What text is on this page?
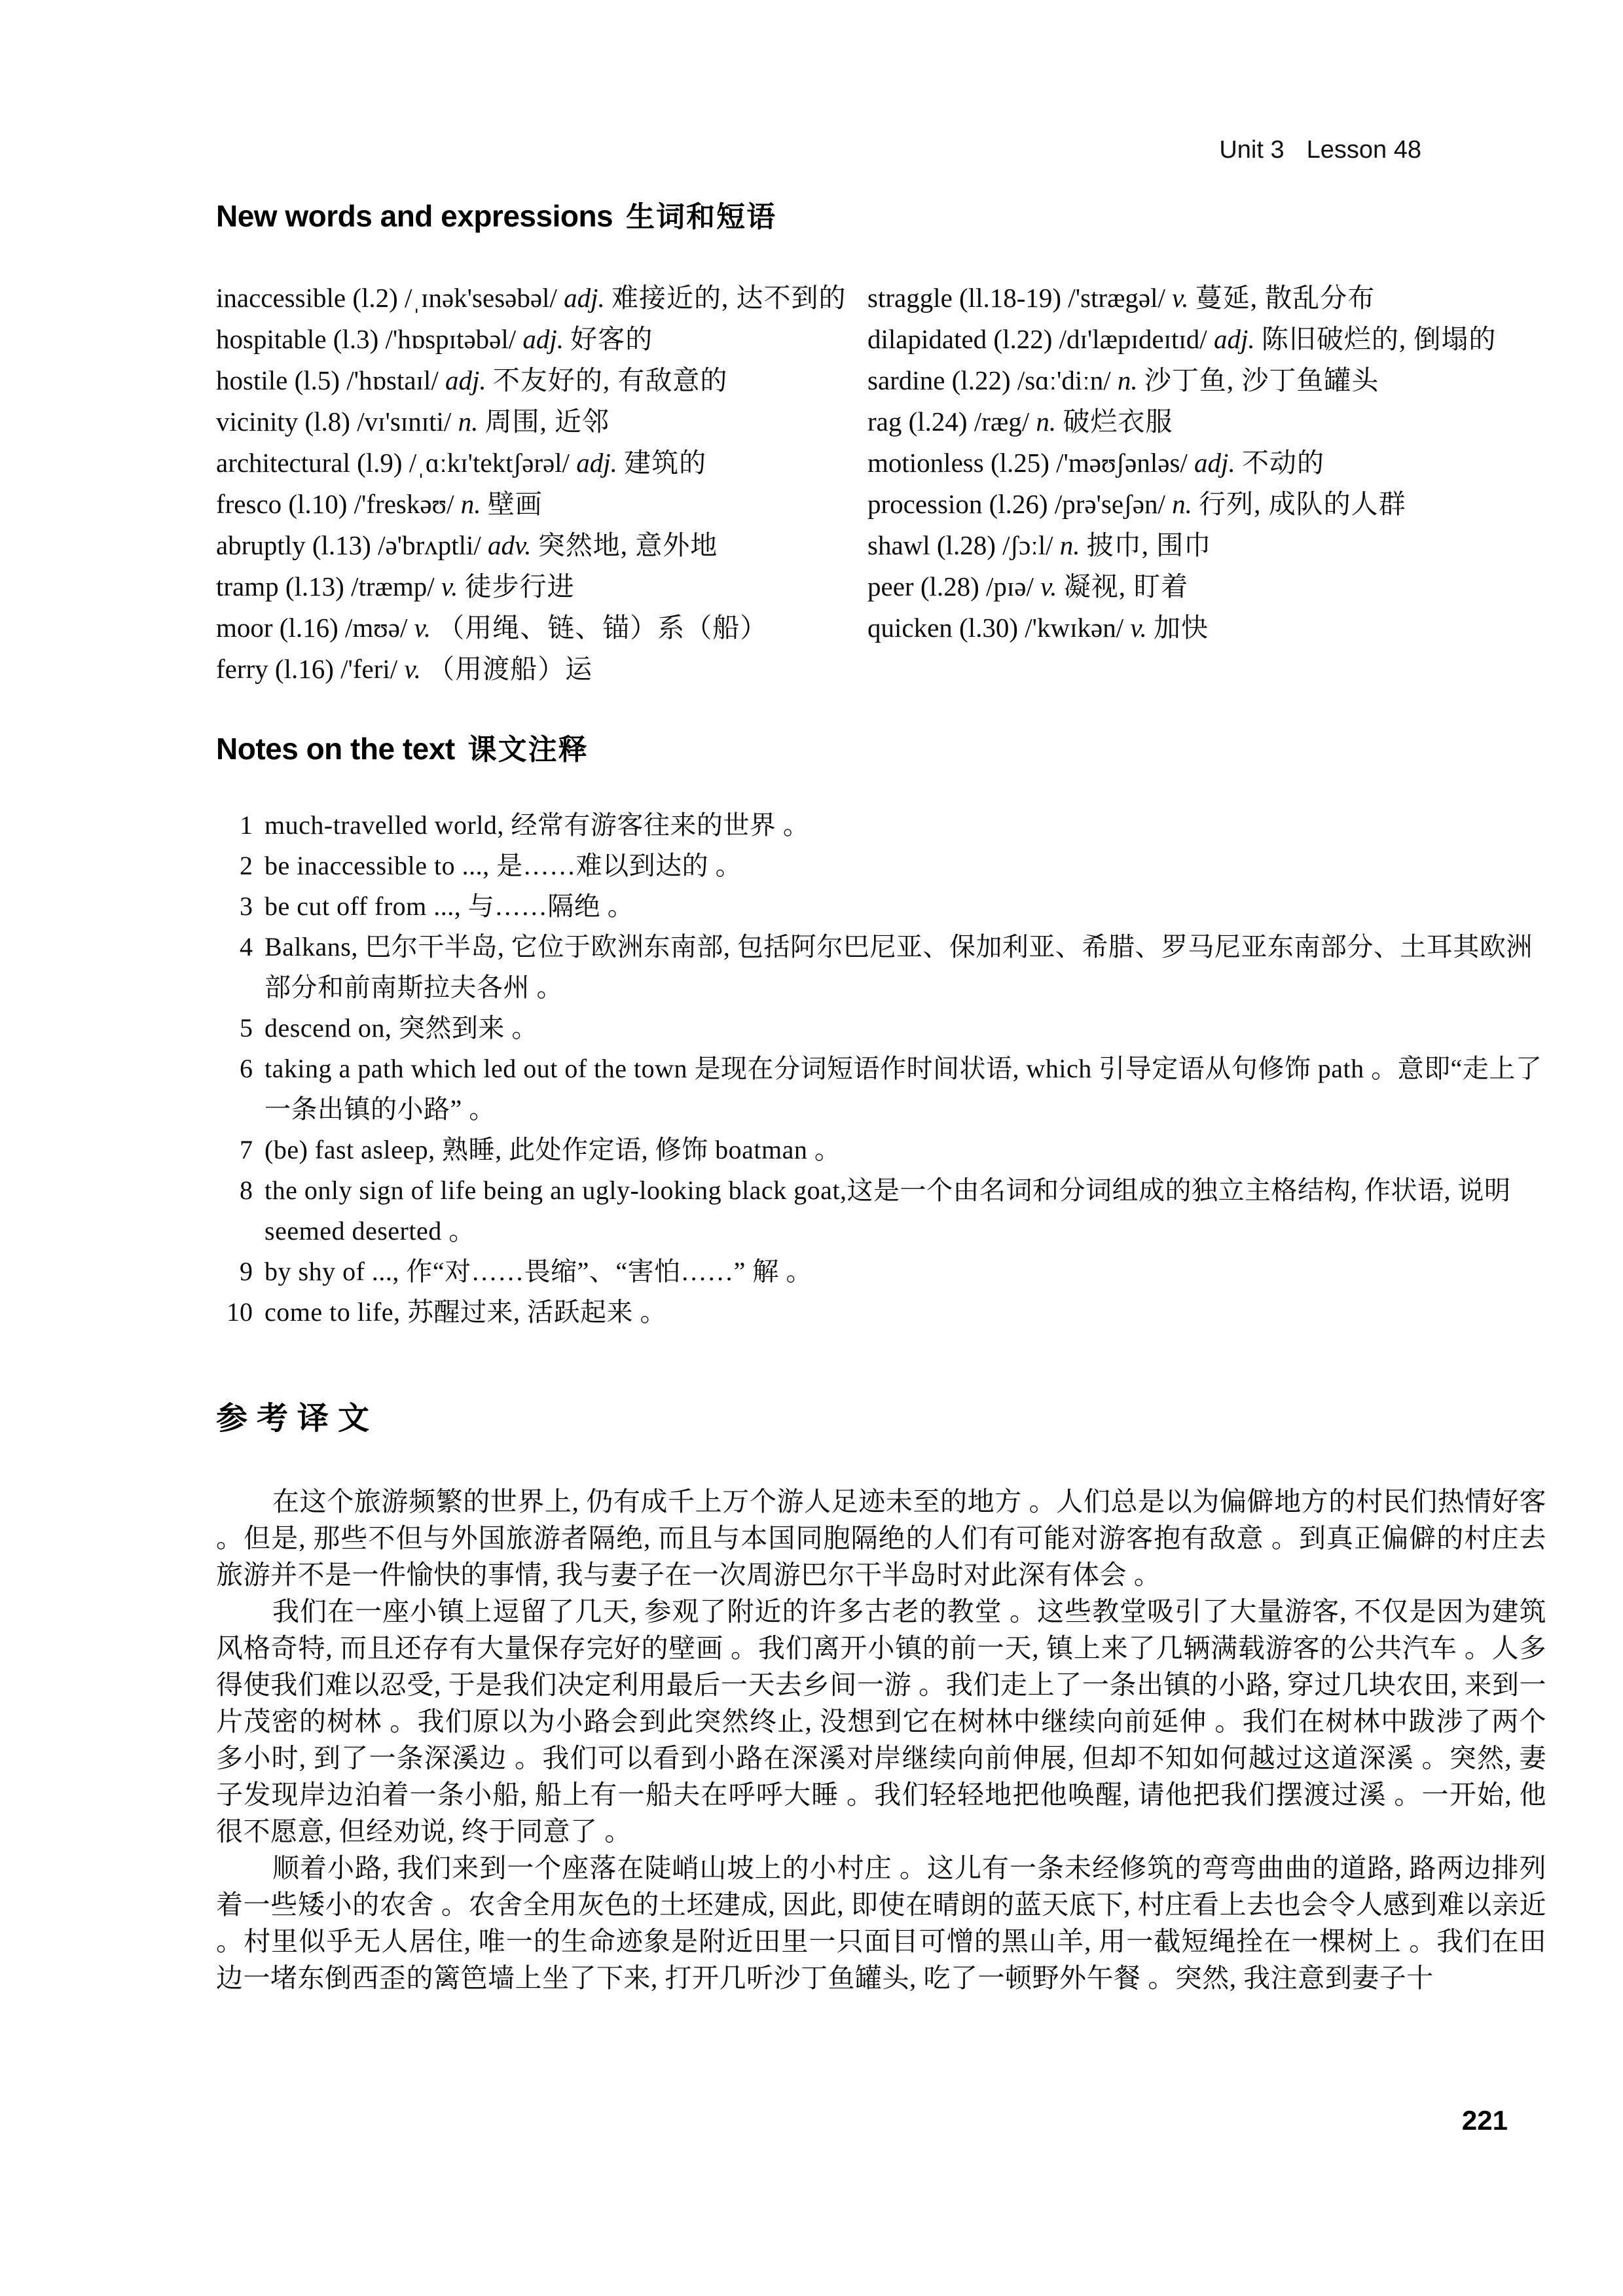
Unit 3 Lesson 48
New words and expressions 生词和短语
inaccessible (l.2) /ˌɪnək'sesəbəl/ adj. 难接近的, 达不到的
hospitable (l.3) /'hɒspɪtəbəl/ adj. 好客的
hostile (l.5) /'hɒstaɪl/ adj. 不友好的, 有敌意的
vicinity (l.8) /vɪ'sɪnɪti/ n. 周围, 近邻
architectural (l.9) /ˌɑːkɪ'tektʃərəl/ adj. 建筑的
fresco (l.10) /'freskəʊ/ n. 壁画
abruptly (l.13) /ə'brʌptli/ adv. 突然地, 意外地
tramp (l.13) /træmp/ v. 徒步行进
moor (l.16) /mʊə/ v. （用绳、链、锚）系（船）
ferry (l.16) /'feri/ v. （用渡船）运
straggle (ll.18-19) /'strægəl/ v. 蔓延, 散乱分布
dilapidated (l.22) /dɪ'læpɪdeɪtɪd/ adj. 陈旧破烂的, 倒塌的
sardine (l.22) /sɑː'diːn/ n. 沙丁鱼, 沙丁鱼罐头
rag (l.24) /ræg/ n. 破烂衣服
motionless (l.25) /'məʊʃənləs/ adj. 不动的
procession (l.26) /prə'seʃən/ n. 行列, 成队的人群
shawl (l.28) /ʃɔːl/ n. 披巾, 围巾
peer (l.28) /pɪə/ v. 凝视, 盯着
quicken (l.30) /'kwɪkən/ v. 加快
Notes on the text 课文注释
1 much-travelled world, 经常有游客往来的世界 。
2 be inaccessible to ..., 是……难以到达的 。
3 be cut off from ..., 与……隔绝 。
4 Balkans, 巴尔干半岛, 它位于欧洲东南部, 包括阿尔巴尼亚、保加利亚、希腊、罗马尼亚东南部分、土耳其欧洲部分和前南斯拉夫各州 。
5 descend on, 突然到来 。
6 taking a path which led out of the town 是现在分词短语作时间状语, which 引导定语从句修饰 path 。意即“走上了一条出镇的小路” 。
7 (be) fast asleep, 熟睡, 此处作定语, 修饰 boatman 。
8 the only sign of life being an ugly-looking black goat,这是一个由名词和分词组成的独立主格结构, 作状语, 说明 seemed deserted 。
9 by shy of ..., 作“对……畏缩”、“害怕……” 解 。
10 come to life, 苏醒过来, 活跃起来 。
参考译文

在这个旅游频繁的世界上, 仍有成千上万个游人足迹未至的地方 。人们总是以为偏僻地方的村民们热情好客 。但是, 那些不但与外国旅游者隔绝, 而且与本国同胞隔绝的人们有可能对游客抱有敌意 。到真正偏僻的村庄去旅游并不是一件愉快的事情, 我与妻子在一次周游巴尔干半岛时对此深有体会 。

我们在一座小镇上逗留了几天, 参观了附近的许多古老的教堂 。这些教堂吸引了大量游客, 不仅是因为建筑风格奇特, 而且还存有大量保存完好的壁画 。我们离开小镇的前一天, 镇上来了几辆满载游客的公共汽车 。人多得使我们难以忍受, 于是我们决定利用最后一天去乡间一游 。我们走上了一条出镇的小路, 穿过几块农田, 来到一片茂密的树林 。我们原以为小路会到此突然终止, 没想到它在树林中继续向前延伸 。我们在树林中跋涉了两个多小时, 到了一条深溪边 。我们可以看到小路在深溪对岸继续向前伸展, 但却不知如何越过这道深溪 。突然, 妻子发现岸边泊着一条小船, 船上有一船夫在呼呼大睡 。我们轻轻地把他唤醒, 请他把我们摆渡过溪 。一开始, 他很不愿意, 但经劝说, 终于同意了 。

顺着小路, 我们来到一个座落在陡峭山坡上的小村庄 。这儿有一条未经修筑的弯弯曲曲的道路, 路两边排列着一些矮小的农舍 。农舍全用灰色的土坯建成, 因此, 即使在晴朗的蓝天底下, 村庄看上去也会令人感到难以亲近 。村里似乎无人居住, 唯一的生命迹象是附近田里一只面目可憎的黑山羊, 用一截短绳拴在一棵树上 。我们在田边一堵东倒西歪的篱笆墙上坐了下来, 打开几听沙丁鱼罐头, 吃了一顿野外午餐 。突然, 我注意到妻子十

221
